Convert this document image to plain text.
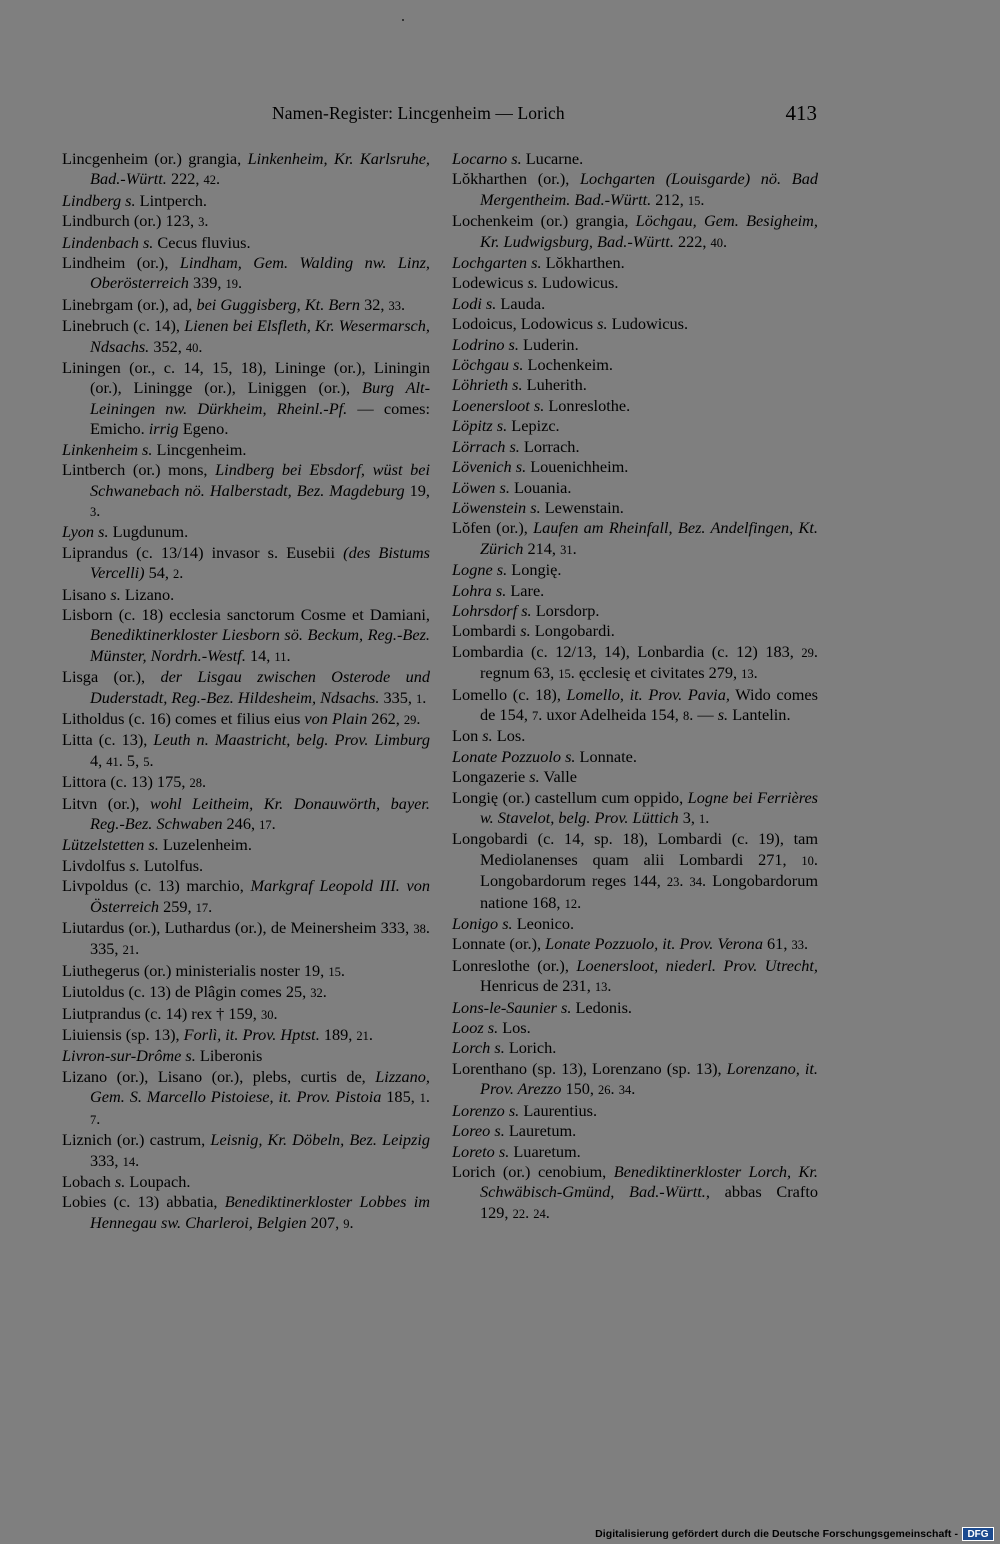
Namen-Register: Lincgenheim — Lorich	413
Lincgenheim (or.) grangia, Linkenheim, Kr. Karlsruhe, Bad.-Württ. 222, 42.
Lindberg s. Lintperch.
Lindburch (or.) 123, 3.
Lindenbach s. Cecus fluvius.
Lindheim (or.), Lindham, Gem. Walding nw. Linz, Oberösterreich 339, 19.
Linebrgam (or.), ad, bei Guggisberg, Kt. Bern 32, 33.
Linebruch (c. 14), Lienen bei Elsfleth, Kr. Wesermarsch, Ndsachs. 352, 40.
Liningen (or., c. 14, 15, 18), Lininge (or.), Liningin (or.), Liningge (or.), Liniggen (or.), Burg Alt-Leiningen nw. Dürkheim, Rheinl.-Pf. — comes: Emicho. irrig Egeno.
Linkenheim s. Lincgenheim.
Lintberch (or.) mons, Lindberg bei Ebsdorf, wüst bei Schwanebach nö. Halberstadt, Bez. Magdeburg 19, 3.
Lyon s. Lugdunum.
Liprandus (c. 13/14) invasor s. Eusebii (des Bistums Vercelli) 54, 2.
Lisano s. Lizano.
Lisborn (c. 18) ecclesia sanctorum Cosme et Damiani, Benediktinerkloster Liesborn sö. Beckum, Reg.-Bez. Münster, Nordrh.-Westf. 14, 11.
Lisga (or.), der Lisgau zwischen Osterode und Duderstadt, Reg.-Bez. Hildesheim, Ndsachs. 335, 1.
Litholdus (c. 16) comes et filius eius von Plain 262, 29.
Litta (c. 13), Leuth n. Maastricht, belg. Prov. Limburg 4, 41. 5, 5.
Littora (c. 13) 175, 28.
Litvn (or.), wohl Leitheim, Kr. Donauwörth, bayer. Reg.-Bez. Schwaben 246, 17.
Lützelstetten s. Luzelenheim.
Livdolfus s. Lutolfus.
Livpoldus (c. 13) marchio, Markgraf Leopold III. von Österreich 259, 17.
Liutardus (or.), Luthardus (or.), de Meinersheim 333, 38. 335, 21.
Liuthegerus (or.) ministerialis noster 19, 15.
Liutoldus (c. 13) de Plâgin comes 25, 32.
Liutprandus (c. 14) rex † 159, 30.
Liuiensis (sp. 13), Forlì, it. Prov. Hptst. 189, 21.
Livron-sur-Drôme s. Liberonis
Lizano (or.), Lisano (or.), plebs, curtis de, Lizzano, Gem. S. Marcello Pistoiese, it. Prov. Pistoia 185, 1. 7.
Liznich (or.) castrum, Leisnig, Kr. Döbeln, Bez. Leipzig 333, 14.
Lobach s. Loupach.
Lobies (c. 13) abbatia, Benediktinerkloster Lobbes im Hennegau sw. Charleroi, Belgien 207, 9.
Locarno s. Lucarne.
Lŏkharthen (or.), Lochgarten (Louisgarde) nö. Bad Mergentheim. Bad.-Württ. 212, 15.
Lochenkeim (or.) grangia, Löchgau, Gem. Besigheim, Kr. Ludwigsburg, Bad.-Württ. 222, 40.
Lochgarten s. Lŏkharthen.
Lodewicus s. Ludowicus.
Lodi s. Lauda.
Lodoicus, Lodowicus s. Ludowicus.
Lodrino s. Luderin.
Löchgau s. Lochenkeim.
Löhrieth s. Luherith.
Loenersloot s. Lonreslothe.
Löpitz s. Lepizc.
Lörrach s. Lorrach.
Lövenich s. Louenichheim.
Löwen s. Louania.
Löwenstein s. Lewenstain.
Lŏfen (or.), Laufen am Rheinfall, Bez. Andelfingen, Kt. Zürich 214, 31.
Logne s. Longię.
Lohra s. Lare.
Lohrsdorf s. Lorsdorp.
Lombardi s. Longobardi.
Lombardia (c. 12/13, 14), Lonbardia (c. 12) 183, 29. regnum 63, 15. ęcclesię et civitates 279, 13.
Lomello (c. 18), Lomello, it. Prov. Pavia, Wido comes de 154, 7. uxor Adelheida 154, 8. — s. Lantelin.
Lon s. Los.
Lonate Pozzuolo s. Lonnate.
Longazerie s. Valle
Longię (or.) castellum cum oppido, Logne bei Ferrières w. Stavelot, belg. Prov. Lüttich 3, 1.
Longobardi (c. 14, sp. 18), Lombardi (c. 19), tam Mediolanenses quam alii Lombardi 271, 10. Longobardorum reges 144, 23. 34. Longobardorum natione 168, 12.
Lonigo s. Leonico.
Lonnate (or.), Lonate Pozzuolo, it. Prov. Verona 61, 33.
Lonreslothe (or.), Loenersloot, niederl. Prov. Utrecht, Henricus de 231, 13.
Lons-le-Saunier s. Ledonis.
Looz s. Los.
Lorch s. Lorich.
Lorenthano (sp. 13), Lorenzano (sp. 13), Lorenzano, it. Prov. Arezzo 150, 26. 34.
Lorenzo s. Laurentius.
Loreo s. Lauretum.
Loreto s. Luaretum.
Lorich (or.) cenobium, Benediktinerkloster Lorch, Kr. Schwäbisch-Gmünd, Bad.-Württ., abbas Crafto 129, 22. 24.
Digitalisierung gefördert durch die Deutsche Forschungsgemeinschaft - DFG
